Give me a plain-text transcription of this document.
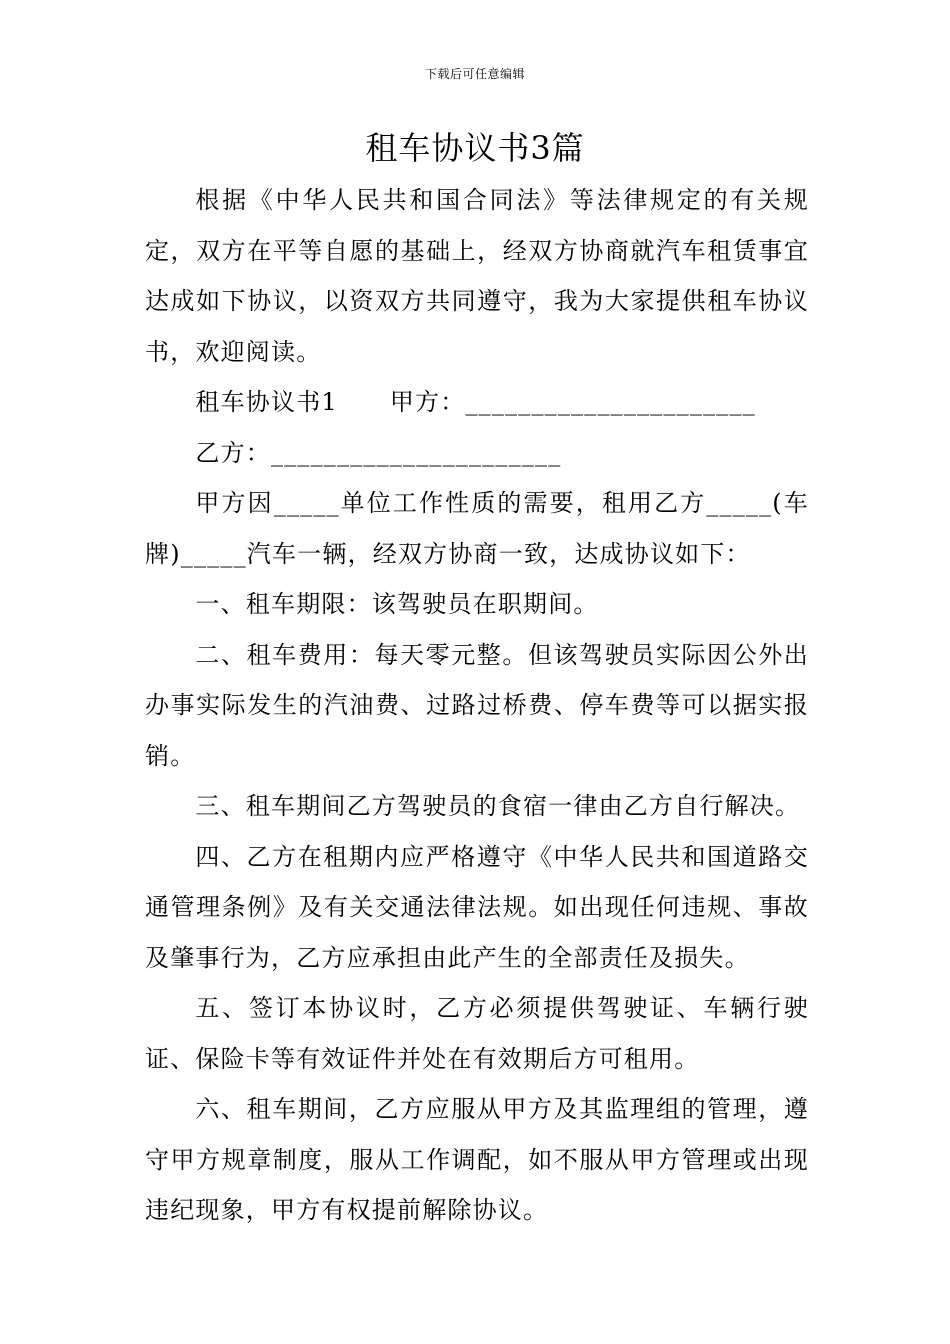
下载后可任意编辑
租车协议书3篇

根据《中华人民共和国合同法》等法律规定的有关规定，双方在平等自愿的基础上，经双方协商就汽车租赁事宜达成如下协议，以资双方共同遵守，我为大家提供租车协议书，欢迎阅读。

租车协议书1 甲方：______________________

乙方：______________________

甲方因_____单位工作性质的需要，租用乙方_____(车牌)_____汽车一辆，经双方协商一致，达成协议如下：

一、租车期限：该驾驶员在职期间。

二、租车费用：每天零元整。但该驾驶员实际因公外出办事实际发生的汽油费、过路过桥费、停车费等可以据实报销。

三、租车期间乙方驾驶员的食宿一律由乙方自行解决。

四、乙方在租期内应严格遵守《中华人民共和国道路交通管理条例》及有关交通法律法规。如出现任何违规、事故及肇事行为，乙方应承担由此产生的全部责任及损失。

五、签订本协议时，乙方必须提供驾驶证、车辆行驶证、保险卡等有效证件并处在有效期后方可租用。

六、租车期间，乙方应服从甲方及其监理组的管理，遵守甲方规章制度，服从工作调配，如不服从甲方管理或出现违纪现象，甲方有权提前解除协议。
